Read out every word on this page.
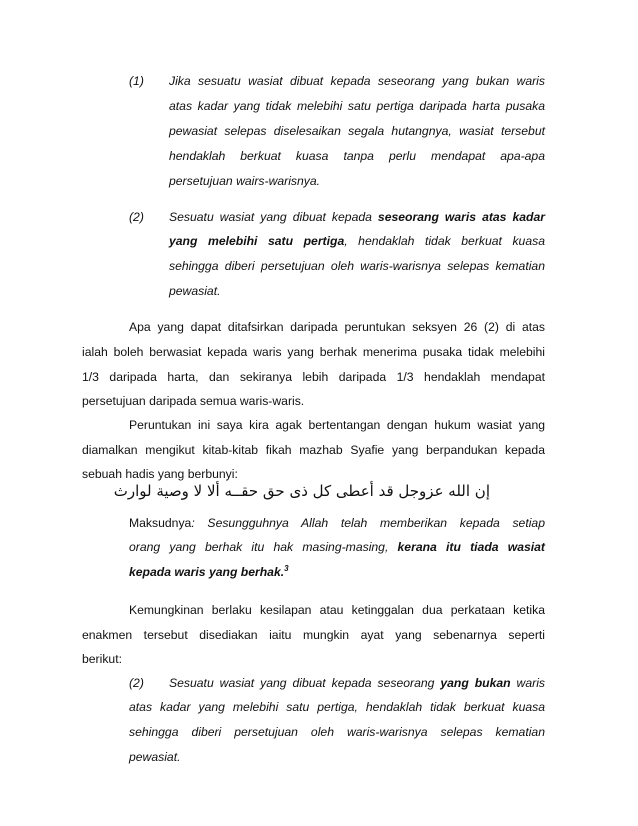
(1) Jika sesuatu wasiat dibuat kepada seseorang yang bukan waris
atas kadar yang tidak melebihi satu pertiga daripada harta pusaka
pewasiat selepas diselesaikan segala hutangnya, wasiat tersebut
hendaklah berkuat kuasa tanpa perlu mendapat apa-apa
persetujuan wairs-warisnya.
(2) Sesuatu wasiat yang dibuat kepada seseorang waris atas kadar
yang melebihi satu pertiga, hendaklah tidak berkuat kuasa
sehingga diberi persetujuan oleh waris-warisnya selepas kematian
pewasiat.
Apa yang dapat ditafsirkan daripada peruntukan seksyen 26 (2) di atas
ialah boleh berwasiat kepada waris yang berhak menerima pusaka tidak melebihi
1/3 daripada harta, dan sekiranya lebih daripada 1/3 hendaklah mendapat
persetujuan daripada semua waris-waris.
Peruntukan ini saya kira agak bertentangan dengan hukum wasiat yang
diamalkan mengikut kitab-kitab fikah mazhab Syafie yang berpandukan kepada
sebuah hadis yang berbunyi:
إن الله عزوجل قد أعطى كل ذى حق حقــه ألا لا وصية لوارث
Maksudnya: Sesungguhnya Allah telah memberikan kepada setiap
orang yang berhak itu hak masing-masing, kerana itu tiada wasiat
kepada waris yang berhak.$^3$
Kemungkinan berlaku kesilapan atau ketinggalan dua perkataan ketika
enakmen tersebut disediakan iaitu mungkin ayat yang sebenarnya seperti
berikut:
(2) Sesuatu wasiat yang dibuat kepada seseorang yang bukan waris
atas kadar yang melebihi satu pertiga, hendaklah tidak berkuat kuasa
sehingga diberi persetujuan oleh waris-warisnya selepas kematian
pewasiat.
